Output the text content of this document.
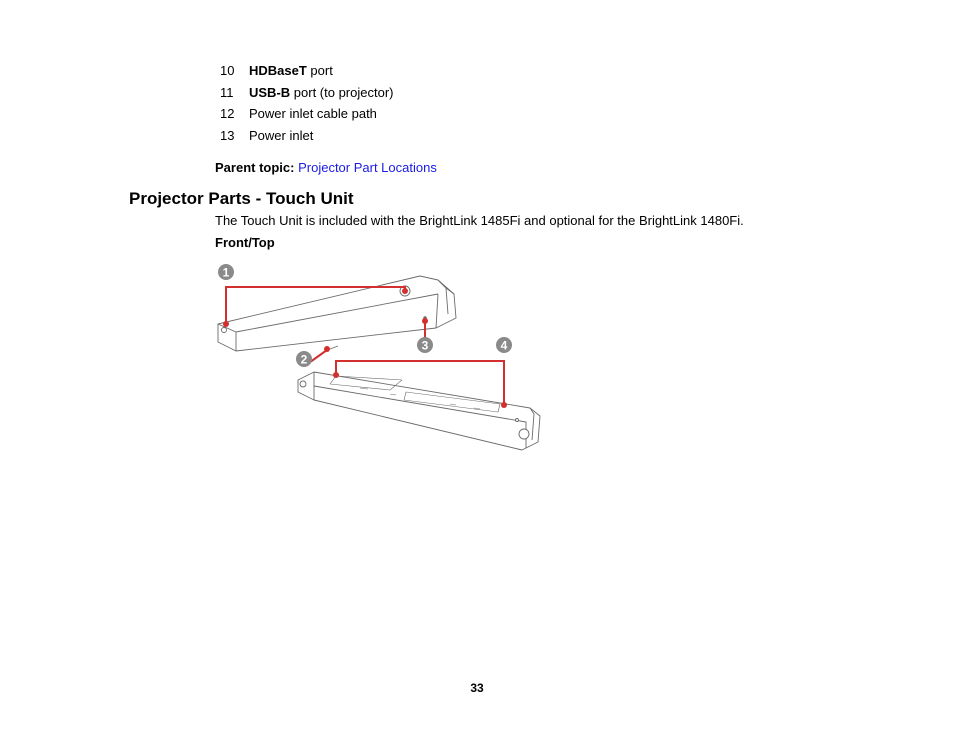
10 HDBaseT port
11 USB-B port (to projector)
12 Power inlet cable path
13 Power inlet
Parent topic: Projector Part Locations
Projector Parts - Touch Unit
The Touch Unit is included with the BrightLink 1485Fi and optional for the BrightLink 1480Fi.
Front/Top
1
2
3	4
33
